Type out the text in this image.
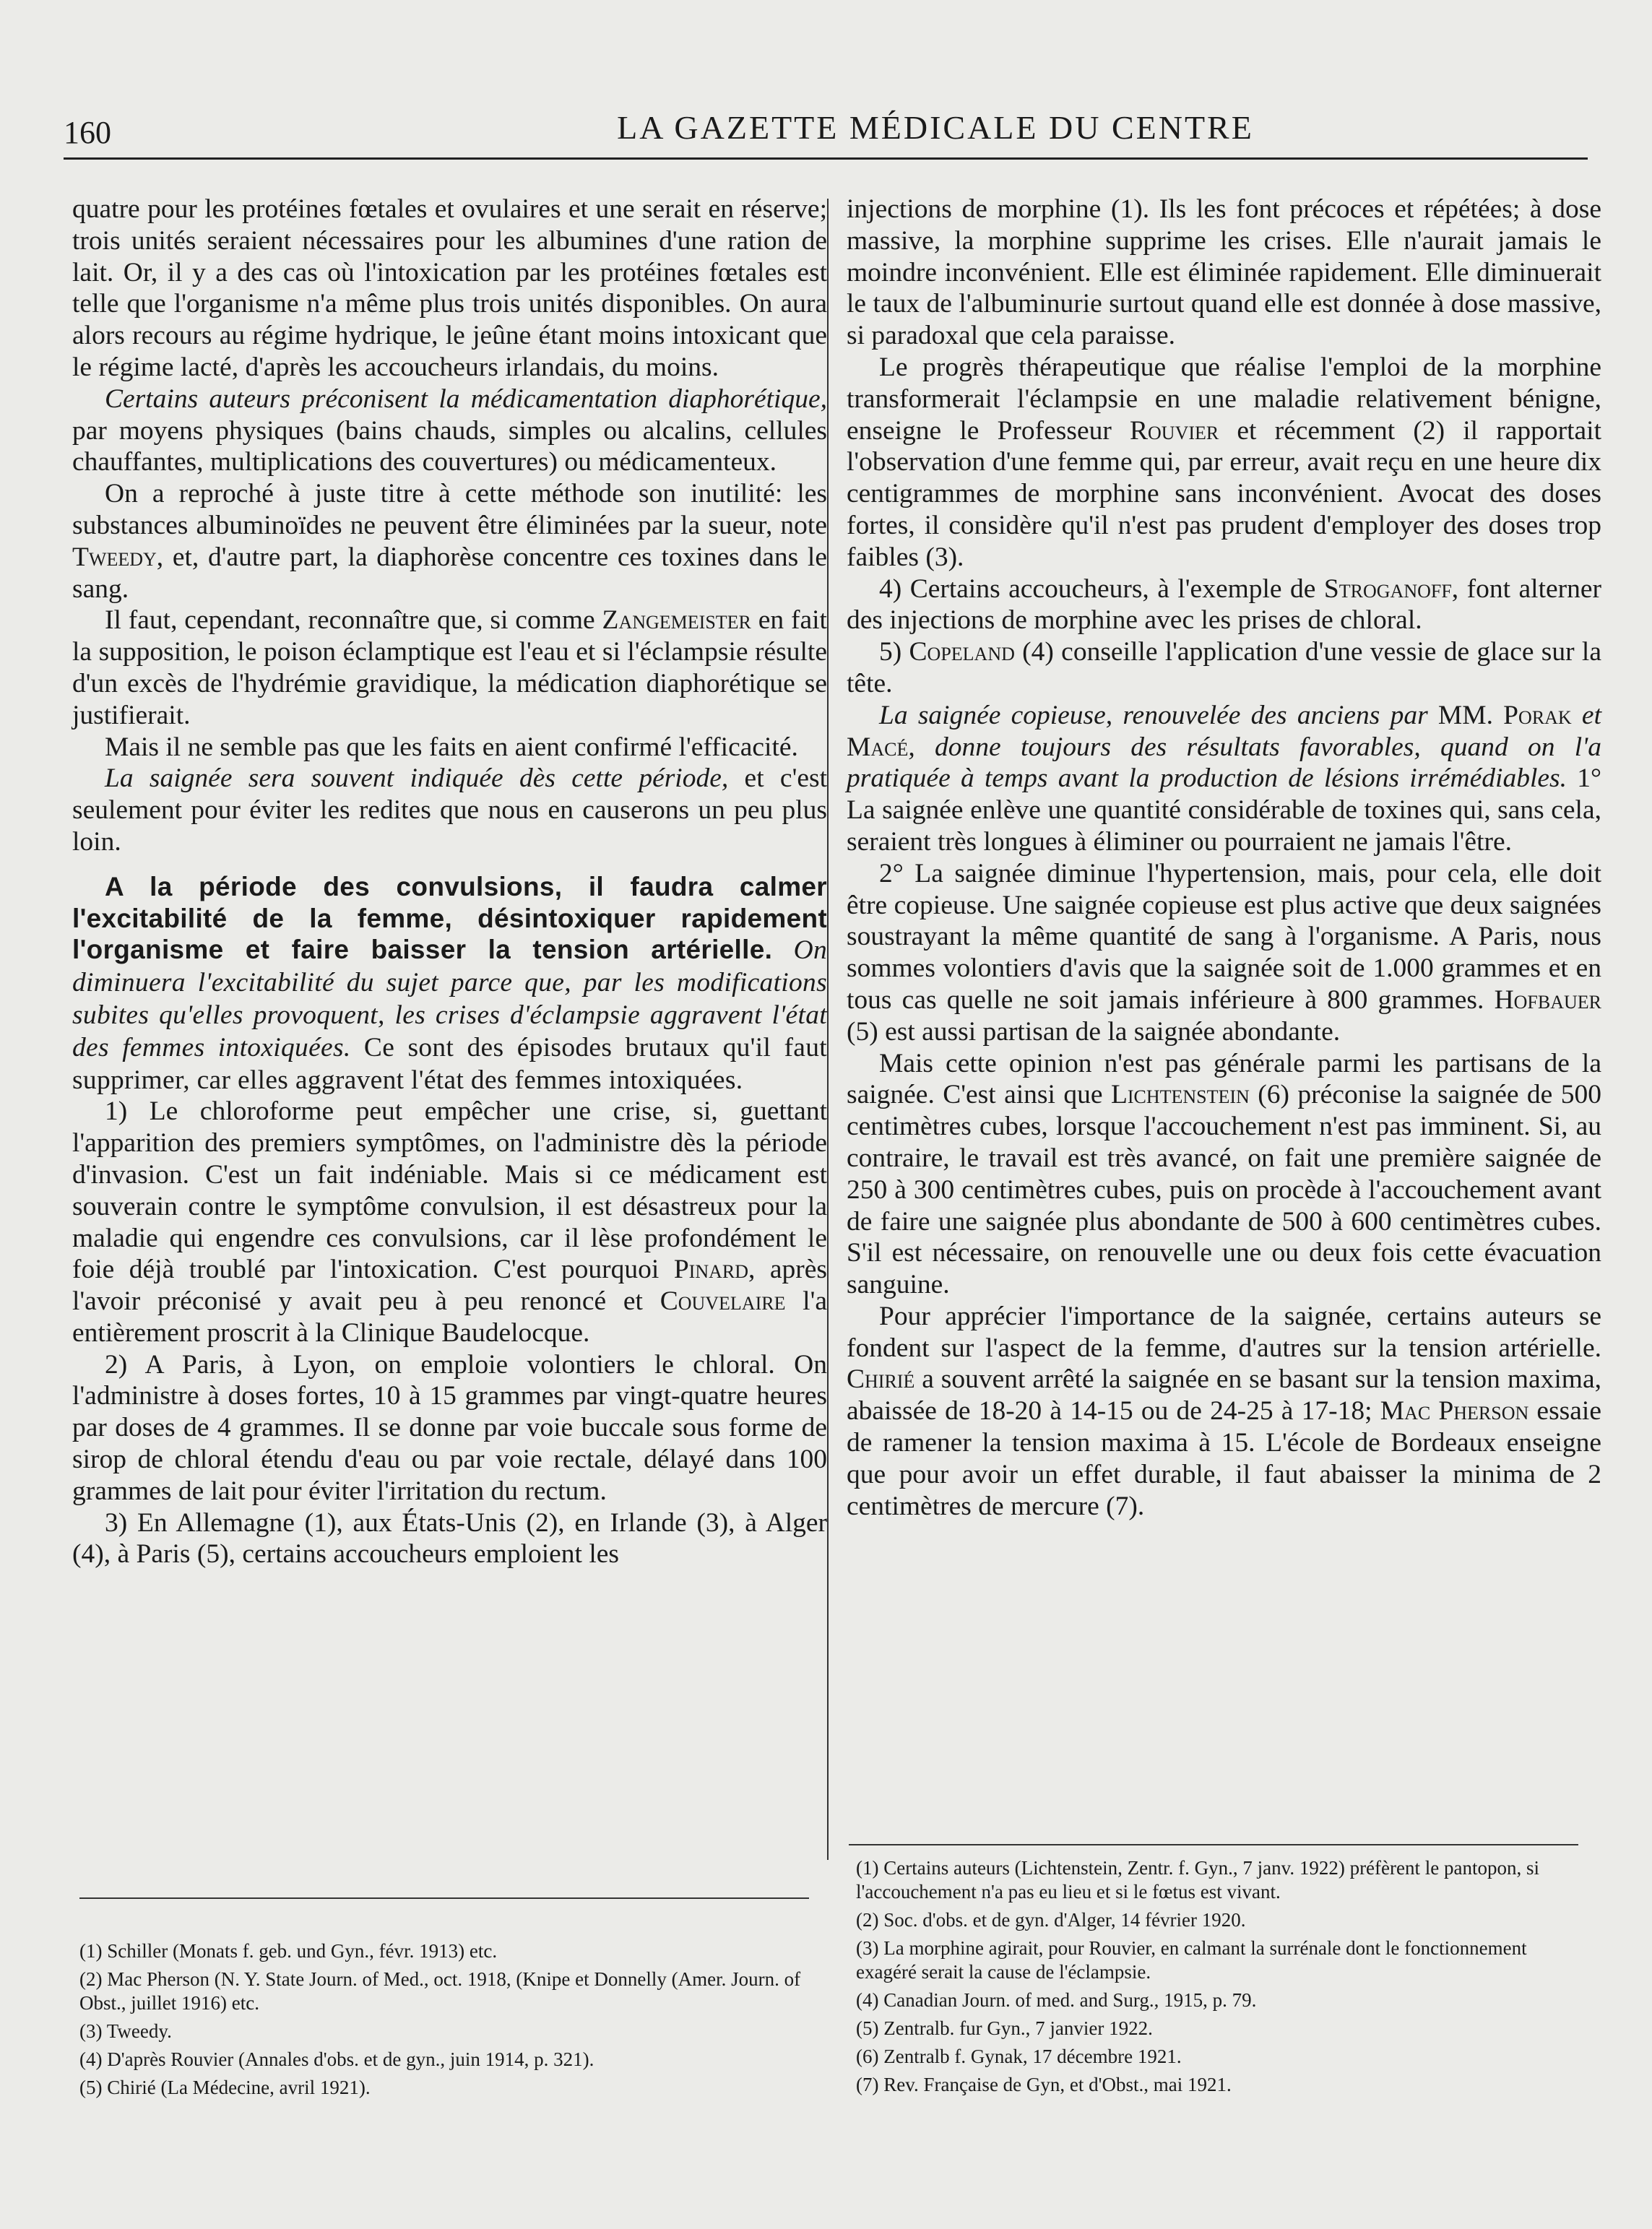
160	LA GAZETTE MÉDICALE DU CENTRE

quatre pour les protéines fœtales et ovulaires et une serait en réserve; trois unités seraient nécessaires pour les albumines d'une ration de lait. Or, il y a des cas où l'intoxication par les protéines fœtales est telle que l'organisme n'a même plus trois unités disponibles. On aura alors recours au régime hydrique, le jeûne étant moins intoxicant que le régime lacté, d'après les accoucheurs irlandais, du moins.

Certains auteurs préconisent la médicamentation diaphorétique, par moyens physiques (bains chauds, simples ou alcalins, cellules chauffantes, multiplications des couvertures) ou médicamenteux.

On a reproché à juste titre à cette méthode son inutilité: les substances albuminoïdes ne peuvent être éliminées par la sueur, note Tweedy, et, d'autre part, la diaphorèse concentre ces toxines dans le sang.

Il faut, cependant, reconnaître que, si comme Zangemeister en fait la supposition, le poison éclamptique est l'eau et si l'éclampsie résulte d'un excès de l'hydrémie gravidique, la médication diaphorétique se justifierait.

Mais il ne semble pas que les faits en aient confirmé l'efficacité.

La saignée sera souvent indiquée dès cette période, et c'est seulement pour éviter les redites que nous en causerons un peu plus loin.

A la période des convulsions, il faudra calmer l'excitabilité de la femme, désintoxiquer rapidement l'organisme et faire baisser la tension artérielle. On diminuera l'excitabilité du sujet parce que, par les modifications subites qu'elles provoquent, les crises d'éclampsie aggravent l'état des femmes intoxiquées. Ce sont des épisodes brutaux qu'il faut supprimer, car elles aggravent l'état des femmes intoxiquées.

1) Le chloroforme peut empêcher une crise, si, guettant l'apparition des premiers symptômes, on l'administre dès la période d'invasion. C'est un fait indéniable. Mais si ce médicament est souverain contre le symptôme convulsion, il est désastreux pour la maladie qui engendre ces convulsions, car il lèse profondément le foie déjà troublé par l'intoxication. C'est pourquoi Pinard, après l'avoir préconisé y avait peu à peu renoncé et Couvelaire l'a entièrement proscrit à la Clinique Baudelocque.

2) A Paris, à Lyon, on emploie volontiers le chloral. On l'administre à doses fortes, 10 à 15 grammes par vingt-quatre heures par doses de 4 grammes. Il se donne par voie buccale sous forme de sirop de chloral étendu d'eau ou par voie rectale, délayé dans 100 grammes de lait pour éviter l'irritation du rectum.

3) En Allemagne (1), aux États-Unis (2), en Irlande (3), à Alger (4), à Paris (5), certains accoucheurs emploient les

injections de morphine (1). Ils les font précoces et répétées; à dose massive, la morphine supprime les crises. Elle n'aurait jamais le moindre inconvénient. Elle est éliminée rapidement. Elle diminuerait le taux de l'albuminurie surtout quand elle est donnée à dose massive, si paradoxal que cela paraisse.

Le progrès thérapeutique que réalise l'emploi de la morphine transformerait l'éclampsie en une maladie relativement bénigne, enseigne le Professeur Rouvier et récemment (2) il rapportait l'observation d'une femme qui, par erreur, avait reçu en une heure dix centigrammes de morphine sans inconvénient. Avocat des doses fortes, il considère qu'il n'est pas prudent d'employer des doses trop faibles (3).

4) Certains accoucheurs, à l'exemple de Stroganoff, font alterner des injections de morphine avec les prises de chloral.

5) Copeland (4) conseille l'application d'une vessie de glace sur la tête.

La saignée copieuse, renouvelée des anciens par MM. Porak et Macé, donne toujours des résultats favorables, quand on l'a pratiquée à temps avant la production de lésions irrémédiables. 1° La saignée enlève une quantité considérable de toxines qui, sans cela, seraient très longues à éliminer ou pourraient ne jamais l'être.

2° La saignée diminue l'hypertension, mais, pour cela, elle doit être copieuse. Une saignée copieuse est plus active que deux saignées soustrayant la même quantité de sang à l'organisme. A Paris, nous sommes volontiers d'avis que la saignée soit de 1.000 grammes et en tous cas quelle ne soit jamais inférieure à 800 grammes. Hofbauer (5) est aussi partisan de la saignée abondante.

Mais cette opinion n'est pas générale parmi les partisans de la saignée. C'est ainsi que Lichtenstein (6) préconise la saignée de 500 centimètres cubes, lorsque l'accouchement n'est pas imminent. Si, au contraire, le travail est très avancé, on fait une première saignée de 250 à 300 centimètres cubes, puis on procède à l'accouchement avant de faire une saignée plus abondante de 500 à 600 centimètres cubes. S'il est nécessaire, on renouvelle une ou deux fois cette évacuation sanguine.

Pour apprécier l'importance de la saignée, certains auteurs se fondent sur l'aspect de la femme, d'autres sur la tension artérielle. Chirié a souvent arrêté la saignée en se basant sur la tension maxima, abaissée de 18-20 à 14-15 ou de 24-25 à 17-18; Mac Pherson essaie de ramener la tension maxima à 15. L'école de Bordeaux enseigne que pour avoir un effet durable, il faut abaisser la minima de 2 centimètres de mercure (7).

(1) Schiller (Monats f. geb. und Gyn., févr. 1913) etc.
(2) Mac Pherson (N. Y. State Journ. of Med., oct. 1918, (Knipe et Donnelly (Amer. Journ. of Obst., juillet 1916) etc.
(3) Tweedy.
(4) D'après Rouvier (Annales d'obs. et de gyn., juin 1914, p. 321).
(5) Chirié (La Médecine, avril 1921).
(1) Certains auteurs (Lichtenstein, Zentr. f. Gyn., 7 janv. 1922) préfèrent le pantopon, si l'accouchement n'a pas eu lieu et si le fœtus est vivant.
(2) Soc. d'obs. et de gyn. d'Alger, 14 février 1920.
(3) La morphine agirait, pour Rouvier, en calmant la surrénale dont le fonctionnement exagéré serait la cause de l'éclampsie.
(4) Canadian Journ. of med. and Surg., 1915, p. 79.
(5) Zentralb. fur Gyn., 7 janvier 1922.
(6) Zentralb f. Gynak, 17 décembre 1921.
(7) Rev. Française de Gyn, et d'Obst., mai 1921.
